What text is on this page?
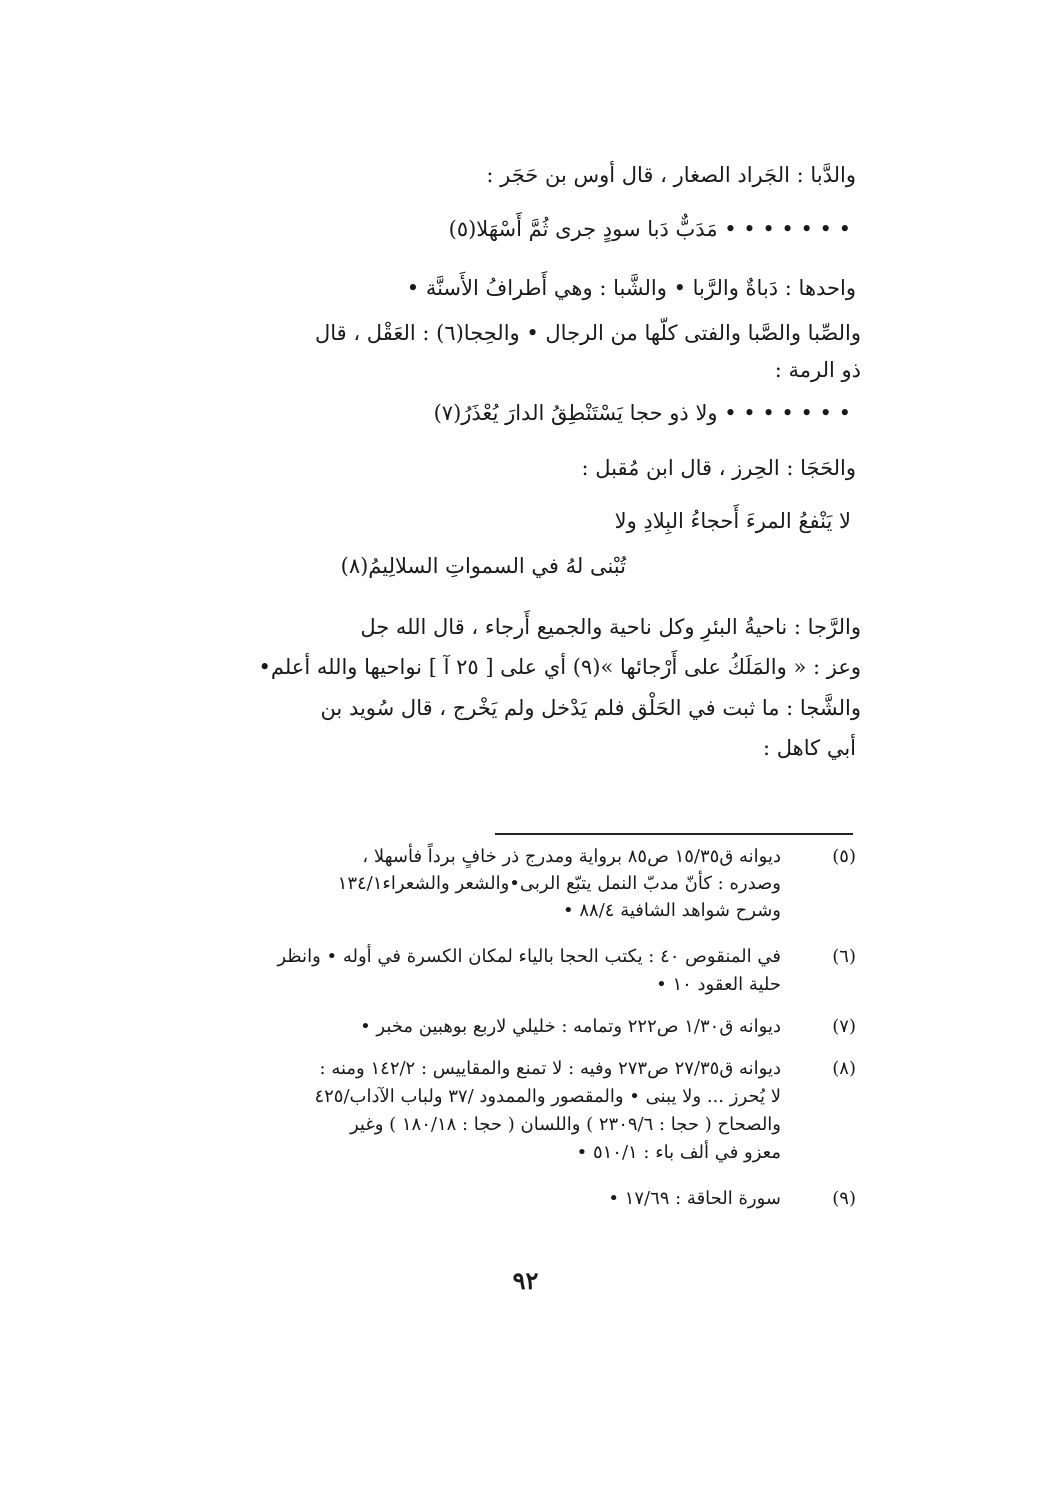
والدَّبا : الجَراد الصغار ، قال أوس بن حَجَر :
• • • • • • • مَدَبٌّ دَبا سودٍ جرى ثُمَّ أَسْهَلا(٥)
واحدها : دَباةٌ والرَّبا • والشَّبا : وهي أَطرافُ الأَسنَّة •
والصِّبا والصَّبا والفتى كلّها من الرجال • والحِجا(٦) : العَقْل ، قال
ذو الرمة :
• • • • • • • ولا ذو حجا يَسْتَنْطِقُ الدارَ يُعْذَرُ(٧)
والحَجَا : الحِرز ، قال ابن مُقبل :
لا يَنْفعُ المرءَ أَحجاءُ البِلادِ ولا
تُبْنى لهُ في السمواتِ السلالِيمُ(٨)
والرَّجا : ناحيةُ البئرِ وكل ناحية والجميع أَرجاء ، قال الله جل
وعز : « والمَلَكُ على أَرْجائها »(٩) أي على [ ٢٥ آ ] نواحيها والله أعلم•
والشَّجا : ما ثبت في الحَلْق فلم يَدْخل ولم يَخْرج ، قال سُويد بن
أبي كاهل :
(٥)
ديوانه ق١٥/٣٥ ص٨٥ برواية ومدرج ذر خافٍ برداً فأسهلا ،
وصدره : كأنّ مدبّ النمل يتبّع الربى•والشعر والشعراء١٣٤/١
وشرح شواهد الشافية ٨٨/٤ •
(٦)
في المنقوص ٤٠ : يكتب الحجا بالياء لمكان الكسرة في أوله • وانظر
حلية العقود ١٠ •
(٧)
ديوانه ق١/٣٠ ص٢٢٢ وتمامه : خليلي لاربع بوهبين مخبر •
(٨)
ديوانه ق٢٧/٣٥ ص٢٧٣ وفيه : لا تمنع والمقاييس : ١٤٢/٢ ومنه :
لا يُحرز ... ولا يبنى • والمقصور والممدود /٣٧ ولباب الآداب/٤٢٥
والصحاح ( حجا : ٢٣٠٩/٦ ) واللسان ( حجا : ١٨٠/١٨ ) وغير
معزو في ألف باء : ٥١٠/١ •
(٩)
سورة الحاقة : ١٧/٦٩ •
٩٢
